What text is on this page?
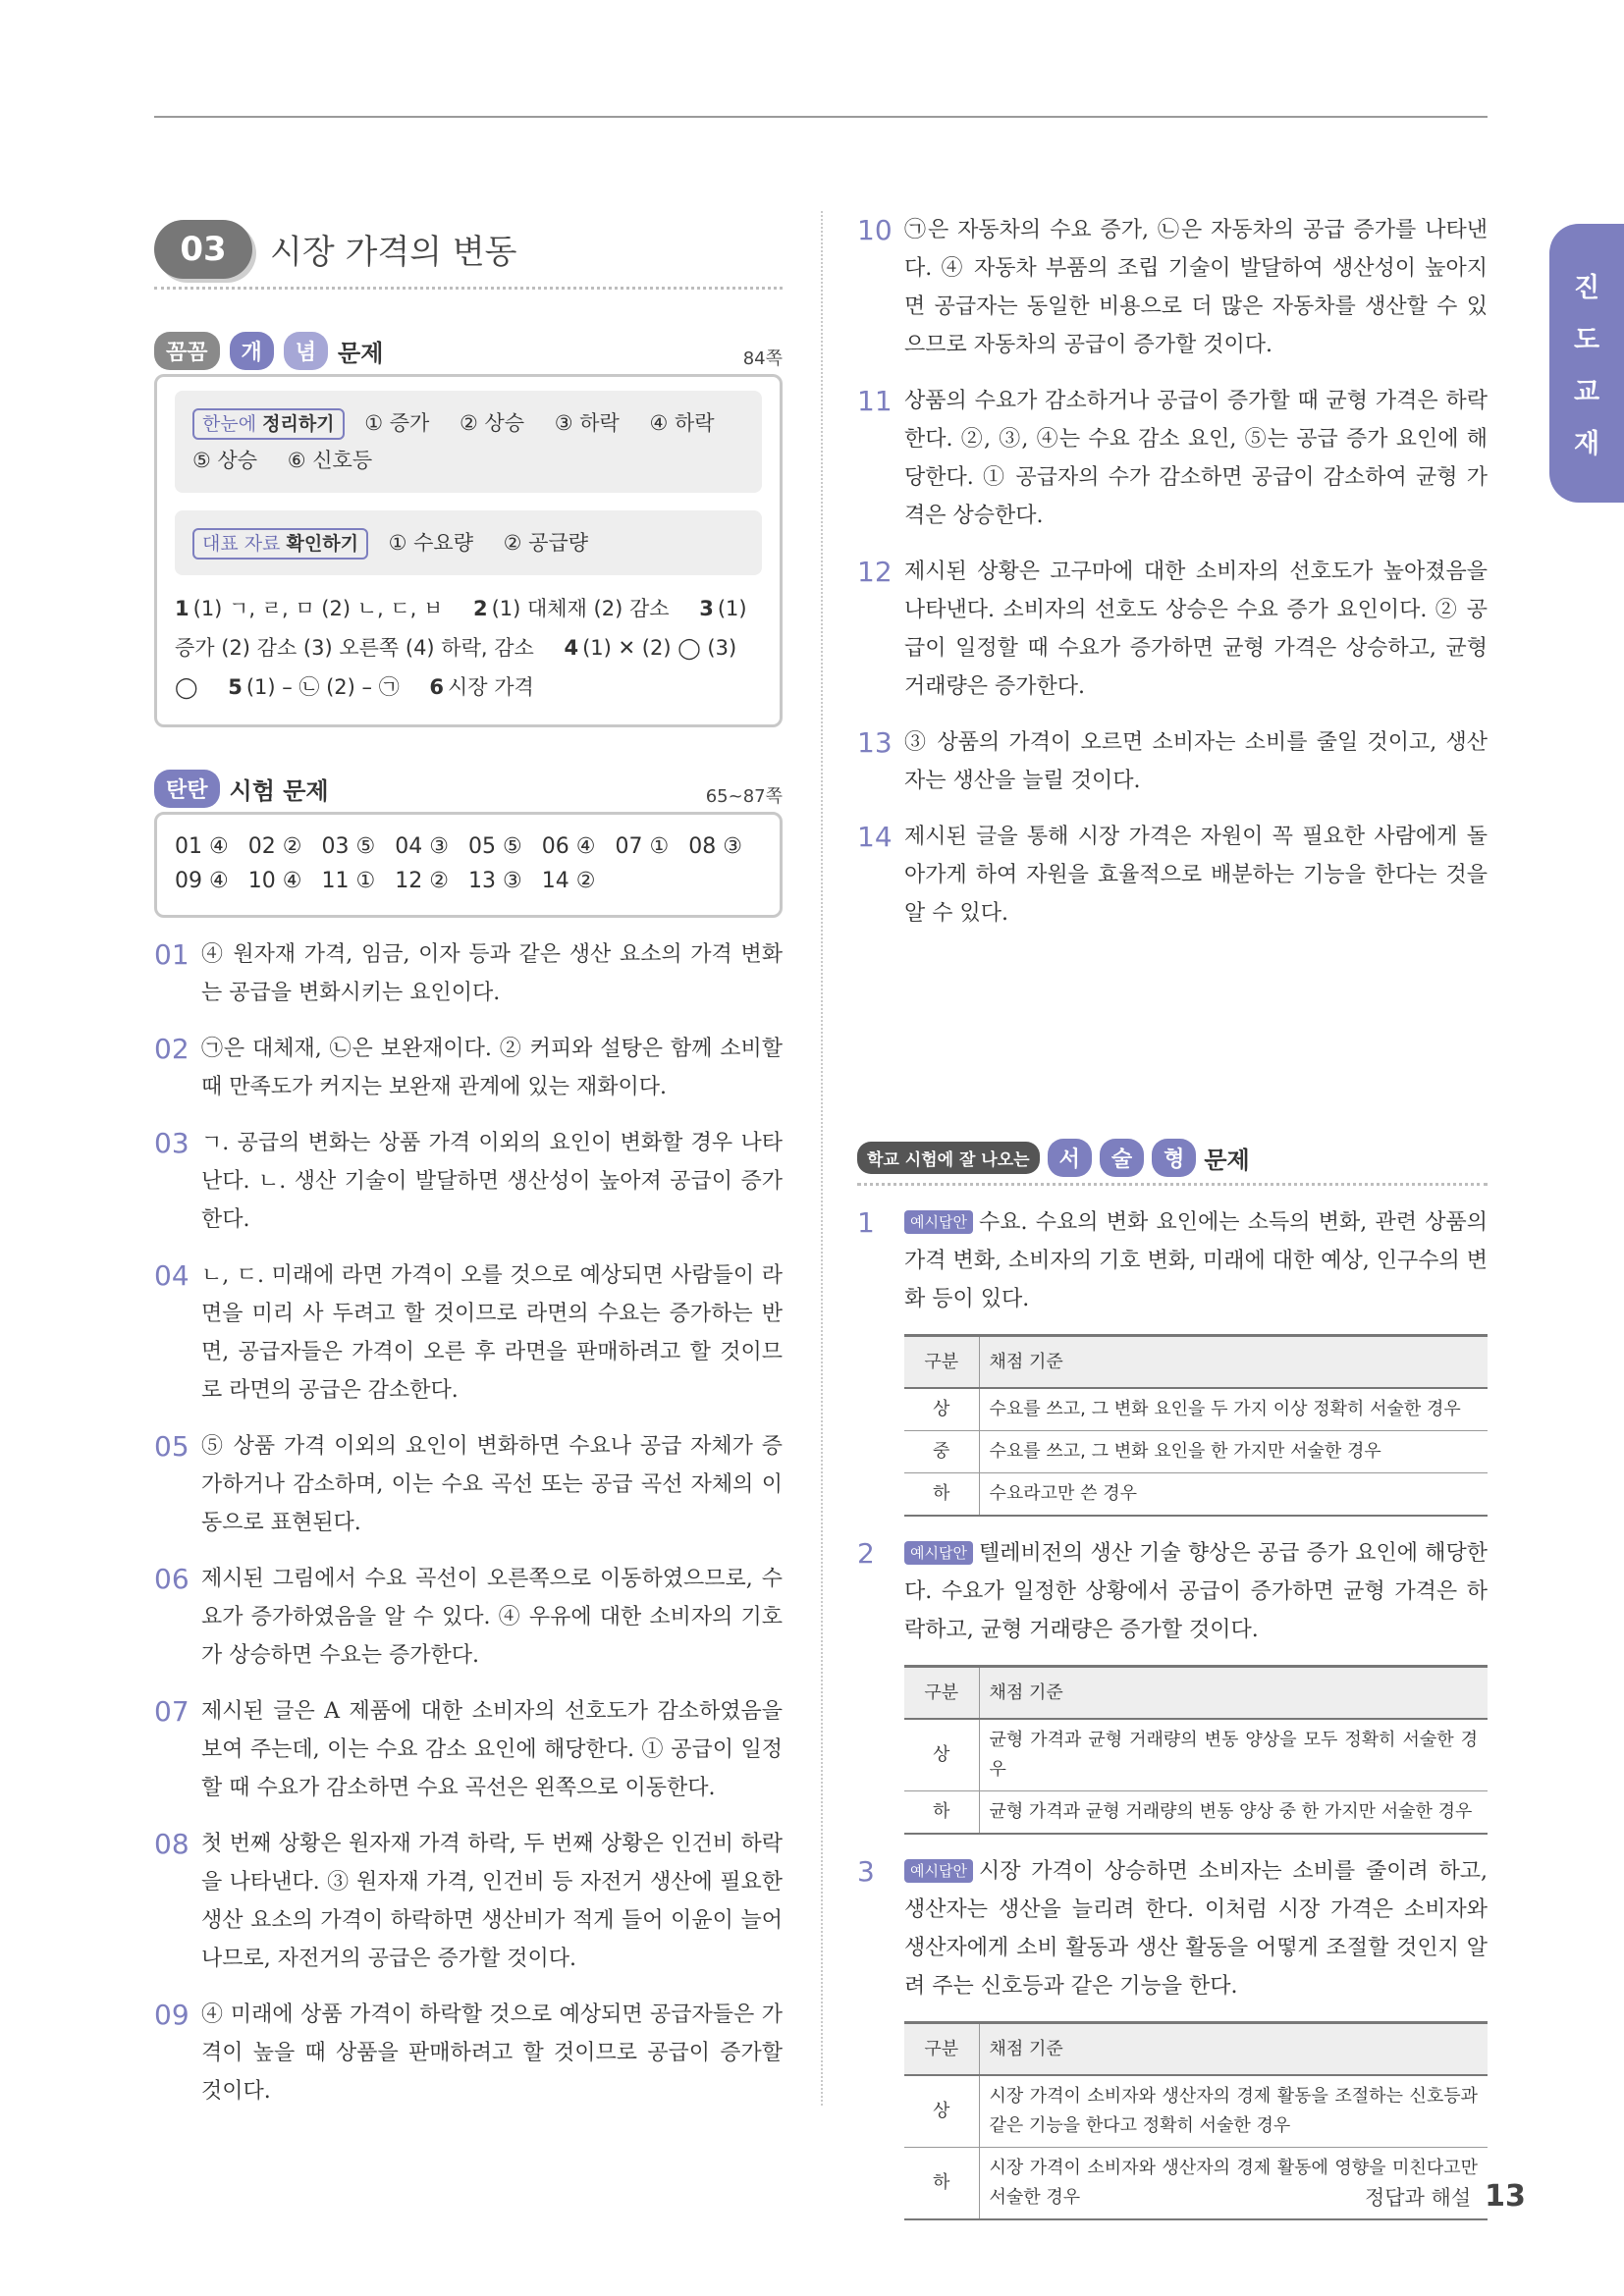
진
도
교
재
03	시장 가격의 변동
꼼꼼	개	념 문제	84쪽
한눈에 정리하기 ① 증가 ② 상승 ③ 하락 ④ 하락
⑤ 상승 ⑥ 신호등
대표 자료 확인하기 ① 수요량 ② 공급량
1 (1) ㄱ, ㄹ, ㅁ (2) ㄴ, ㄷ, ㅂ 2 (1) 대체재 (2) 감소 3 (1) 증가 (2) 감소 (3) 오른쪽 (4) 하락, 감소 4 (1) ✕ (2) ◯ (3) ◯ 5 (1) – ㉡ (2) – ㉠ 6 시장 가격
탄탄 시험 문제	65~87쪽
01 ④ 02 ② 03 ⑤ 04 ③ 05 ⑤ 06 ④ 07 ① 08 ③
09 ④ 10 ④ 11 ① 12 ② 13 ③ 14 ②
01 ④ 원자재 가격, 임금, 이자 등과 같은 생산 요소의 가격 변화는 공급을 변화시키는 요인이다.
02 ㉠은 대체재, ㉡은 보완재이다. ② 커피와 설탕은 함께 소비할 때 만족도가 커지는 보완재 관계에 있는 재화이다.
03 ㄱ. 공급의 변화는 상품 가격 이외의 요인이 변화할 경우 나타난다. ㄴ. 생산 기술이 발달하면 생산성이 높아져 공급이 증가한다.
04 ㄴ, ㄷ. 미래에 라면 가격이 오를 것으로 예상되면 사람들이 라면을 미리 사 두려고 할 것이므로 라면의 수요는 증가하는 반면, 공급자들은 가격이 오른 후 라면을 판매하려고 할 것이므로 라면의 공급은 감소한다.
05 ⑤ 상품 가격 이외의 요인이 변화하면 수요나 공급 자체가 증가하거나 감소하며, 이는 수요 곡선 또는 공급 곡선 자체의 이동으로 표현된다.
06 제시된 그림에서 수요 곡선이 오른쪽으로 이동하였으므로, 수요가 증가하였음을 알 수 있다. ④ 우유에 대한 소비자의 기호가 상승하면 수요는 증가한다.
07 제시된 글은 A 제품에 대한 소비자의 선호도가 감소하였음을 보여 주는데, 이는 수요 감소 요인에 해당한다. ① 공급이 일정할 때 수요가 감소하면 수요 곡선은 왼쪽으로 이동한다.
08 첫 번째 상황은 원자재 가격 하락, 두 번째 상황은 인건비 하락을 나타낸다. ③ 원자재 가격, 인건비 등 자전거 생산에 필요한 생산 요소의 가격이 하락하면 생산비가 적게 들어 이윤이 늘어나므로, 자전거의 공급은 증가할 것이다.
09 ④ 미래에 상품 가격이 하락할 것으로 예상되면 공급자들은 가격이 높을 때 상품을 판매하려고 할 것이므로 공급이 증가할 것이다.
10 ㉠은 자동차의 수요 증가, ㉡은 자동차의 공급 증가를 나타낸다. ④ 자동차 부품의 조립 기술이 발달하여 생산성이 높아지면 공급자는 동일한 비용으로 더 많은 자동차를 생산할 수 있으므로 자동차의 공급이 증가할 것이다.
11 상품의 수요가 감소하거나 공급이 증가할 때 균형 가격은 하락한다. ②, ③, ④는 수요 감소 요인, ⑤는 공급 증가 요인에 해당한다. ① 공급자의 수가 감소하면 공급이 감소하여 균형 가격은 상승한다.
12 제시된 상황은 고구마에 대한 소비자의 선호도가 높아졌음을 나타낸다. 소비자의 선호도 상승은 수요 증가 요인이다. ② 공급이 일정할 때 수요가 증가하면 균형 가격은 상승하고, 균형 거래량은 증가한다.
13 ③ 상품의 가격이 오르면 소비자는 소비를 줄일 것이고, 생산자는 생산을 늘릴 것이다.
14 제시된 글을 통해 시장 가격은 자원이 꼭 필요한 사람에게 돌아가게 하여 자원을 효율적으로 배분하는 기능을 한다는 것을 알 수 있다.
학교 시험에 잘 나오는	서	술	형 문제
1	예시답안 수요. 수요의 변화 요인에는 소득의 변화, 관련 상품의 가격 변화, 소비자의 기호 변화, 미래에 대한 예상, 인구수의 변화 등이 있다.
구분	채점 기준
상	수요를 쓰고, 그 변화 요인을 두 가지 이상 정확히 서술한 경우
중	수요를 쓰고, 그 변화 요인을 한 가지만 서술한 경우
하	수요라고만 쓴 경우
2	예시답안 텔레비전의 생산 기술 향상은 공급 증가 요인에 해당한다. 수요가 일정한 상황에서 공급이 증가하면 균형 가격은 하락하고, 균형 거래량은 증가할 것이다.
구분	채점 기준
상	균형 가격과 균형 거래량의 변동 양상을 모두 정확히 서술한 경우
하	균형 가격과 균형 거래량의 변동 양상 중 한 가지만 서술한 경우
3	예시답안 시장 가격이 상승하면 소비자는 소비를 줄이려 하고, 생산자는 생산을 늘리려 한다. 이처럼 시장 가격은 소비자와 생산자에게 소비 활동과 생산 활동을 어떻게 조절할 것인지 알려 주는 신호등과 같은 기능을 한다.
구분	채점 기준
상	시장 가격이 소비자와 생산자의 경제 활동을 조절하는 신호등과 같은 기능을 한다고 정확히 서술한 경우
하	시장 가격이 소비자와 생산자의 경제 활동에 영향을 미친다고만 서술한 경우	정답과 해설 13
